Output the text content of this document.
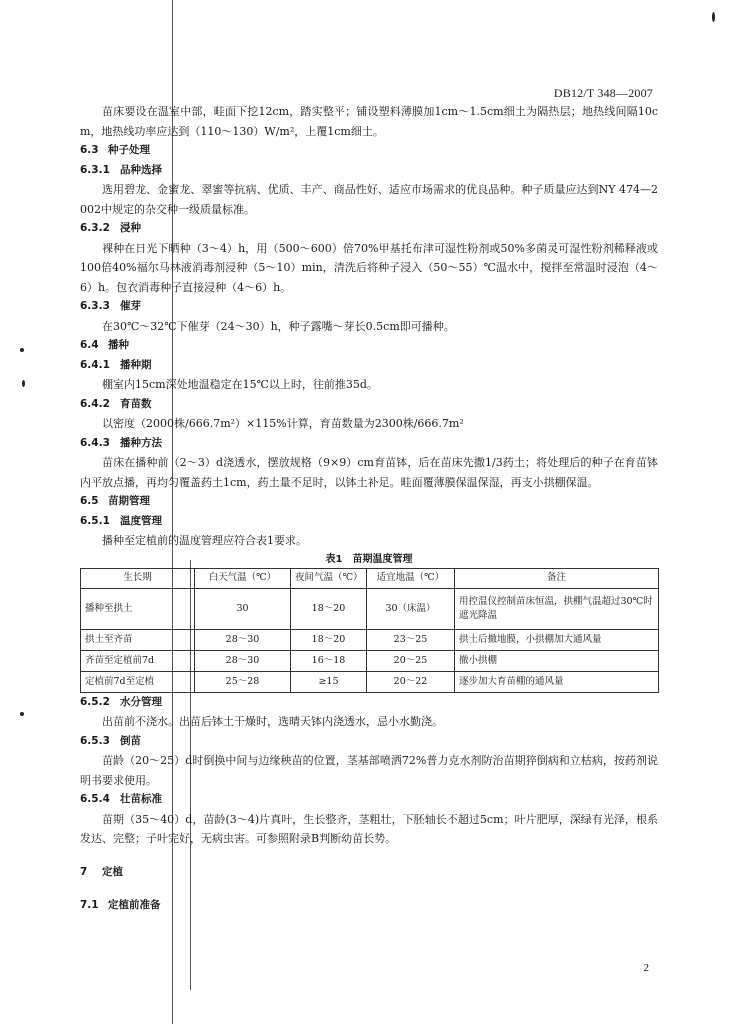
DB12/T 348—2007

苗床要设在温室中部，畦面下挖12cm，踏实整平；铺设塑料薄膜加1cm～1.5cm细土为隔热层；地热线间隔10cm，地热线功率应达到（110～130）W/m²，上覆1cm细土。

6.3 种子处理

6.3.1 品种选择

选用碧龙、金蜜龙、翠蜜等抗病、优质、丰产、商品性好、适应市场需求的优良品种。种子质量应达到NY 474—2002中规定的杂交种一级质量标准。

6.3.2 浸种

裸种在日光下晒种（3～4）h，用（500～600）倍70%甲基托布津可湿性粉剂或50%多菌灵可湿性粉剂稀释液或100倍40%福尔马林液消毒剂浸种（5～10）min，清洗后将种子浸入（50～55）℃温水中，搅拌至常温时浸泡（4～6）h。包衣消毒种子直接浸种（4～6）h。

6.3.3 催芽

在30℃～32℃下催芽（24～30）h，种子露嘴～芽长0.5cm即可播种。

6.4 播种

6.4.1 播种期

棚室内15cm深处地温稳定在15℃以上时，往前推35d。

6.4.2 育苗数

以密度（2000株/666.7m²）×115%计算，育苗数量为2300株/666.7m²

6.4.3 播种方法

苗床在播种前（2～3）d浇透水，摆放规格（9×9）cm育苗钵，后在苗床先撒1/3药土；将处理后的种子在育苗钵内平放点播，再均匀覆盖药土1cm，药土量不足时，以钵土补足。畦面覆薄膜保温保湿，再支小拱棚保温。

6.5 苗期管理

6.5.1 温度管理

播种至定植前的温度管理应符合表1要求。

表1　苗期温度管理

生长期	白天气温（℃）	夜间气温（℃）	适宜地温（℃）	备注
播种至拱土	30	18～20	30（床温）	用控温仪控制苗床恒温，拱棚气温超过30℃时遮光降温
拱土至齐苗	28～30	18～20	23～25	拱土后撤地膜，小拱棚加大通风量
齐苗至定植前7d	28～30	16～18	20～25	撤小拱棚
定植前7d至定植	25～28	≥15	20～22	逐步加大育苗棚的通风量

6.5.2 水分管理

出苗前不浇水。出苗后钵土干燥时，选晴天钵内浇透水，忌小水勤浇。

6.5.3 倒苗

苗龄（20～25）d时倒换中间与边缘秧苗的位置，茎基部喷洒72%普力克水剂防治苗期猝倒病和立枯病，按药剂说明书要求使用。

6.5.4 壮苗标准

苗期（35～40）d，苗龄(3～4)片真叶，生长整齐，茎粗壮，下胚轴长不超过5cm；叶片肥厚，深绿有光泽，根系发达、完整；子叶完好，无病虫害。可参照附录B判断幼苗长势。

7 定植

7.1 定植前准备

2
